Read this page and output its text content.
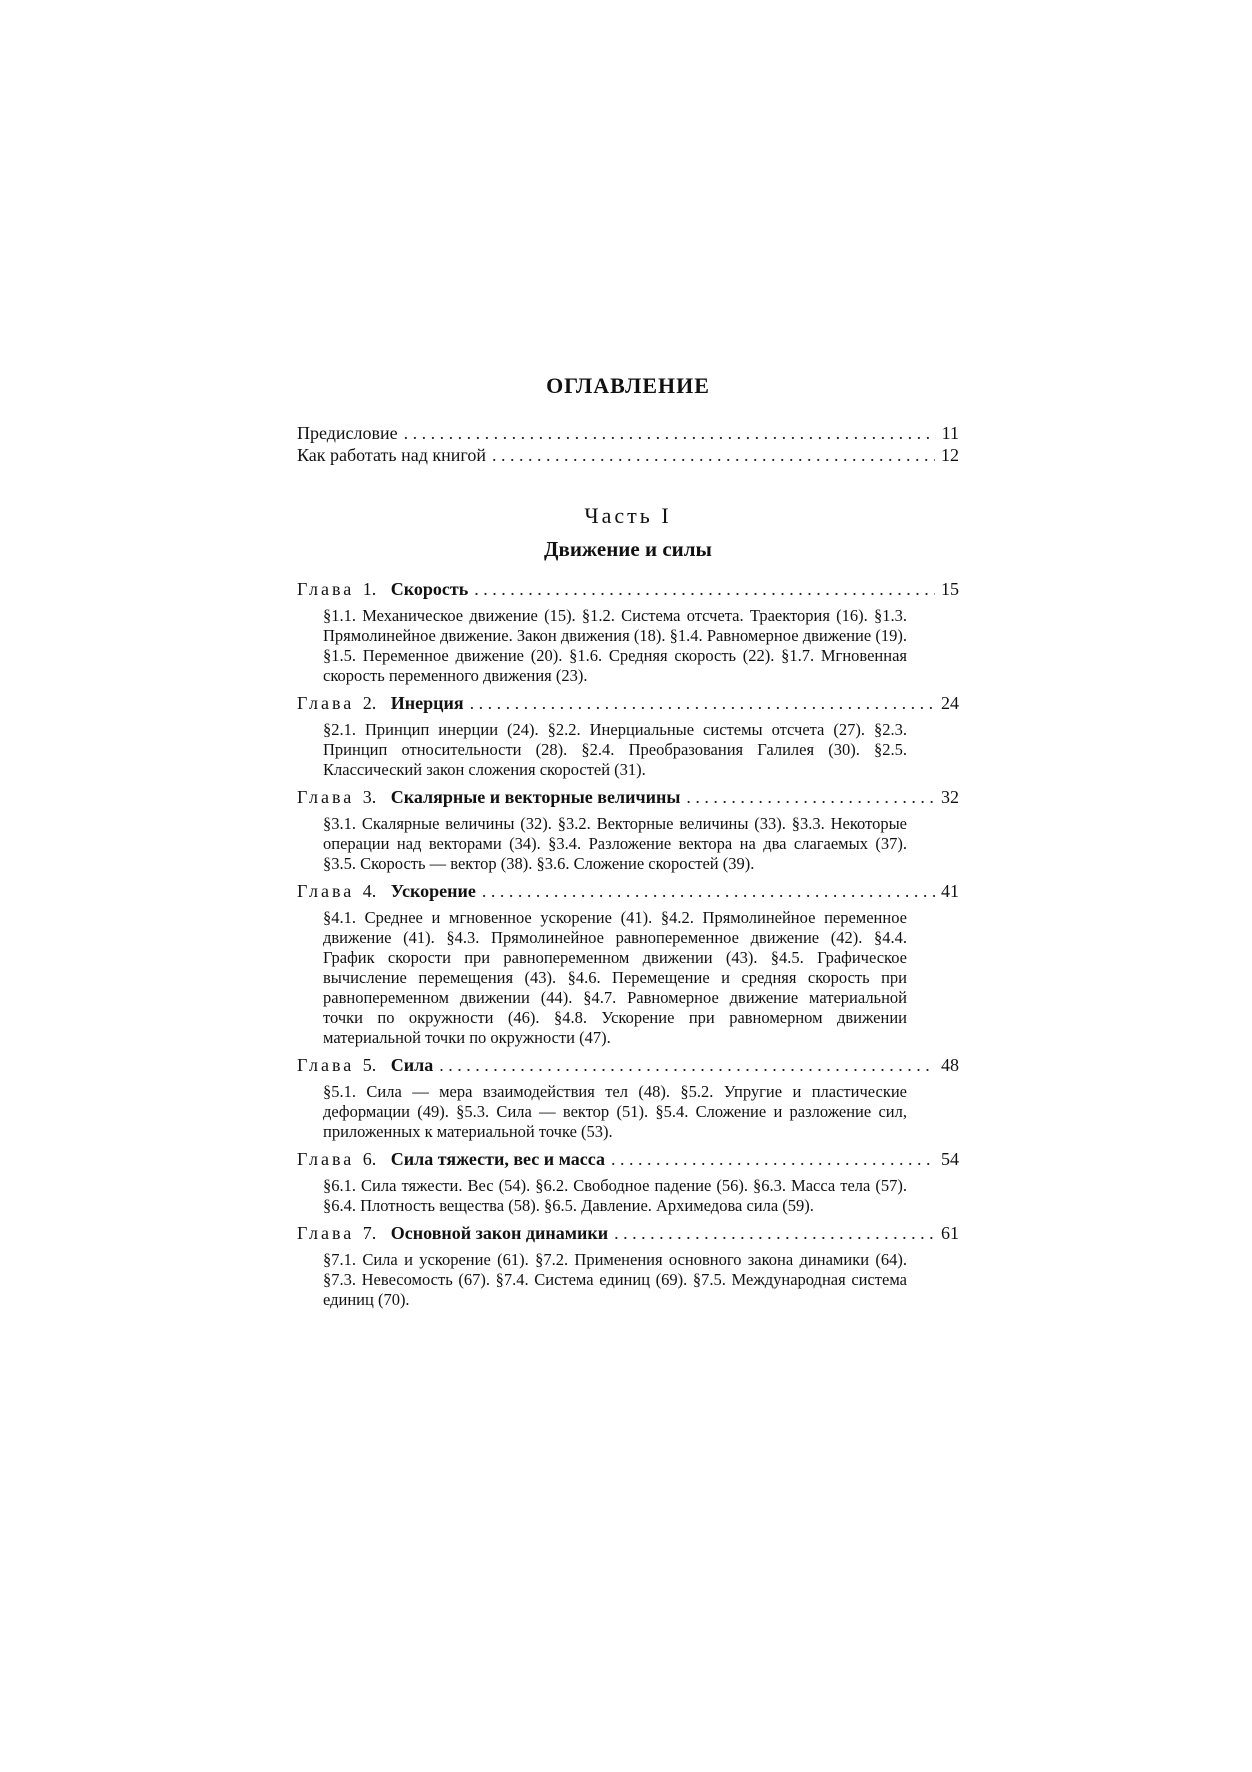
ОГЛАВЛЕНИЕ
Предисловие . . .	11
Как работать над книгой . . .	12
Часть I
Движение и силы
Глава 1. Скорость . . .	15
§1.1. Механическое движение (15). §1.2. Система отсчета. Траектория (16). §1.3. Прямолинейное движение. Закон движения (18). §1.4. Равномерное движение (19). §1.5. Переменное движение (20). §1.6. Средняя скорость (22). §1.7. Мгновенная скорость переменного движения (23).
Глава 2. Инерция . . .	24
§2.1. Принцип инерции (24). §2.2. Инерциальные системы отсчета (27). §2.3. Принцип относительности (28). §2.4. Преобразования Галилея (30). §2.5. Классический закон сложения скоростей (31).
Глава 3. Скалярные и векторные величины . . .	32
§3.1. Скалярные величины (32). §3.2. Векторные величины (33). §3.3. Некоторые операции над векторами (34). §3.4. Разложение вектора на два слагаемых (37). §3.5. Скорость — вектор (38). §3.6. Сложение скоростей (39).
Глава 4. Ускорение . . .	41
§4.1. Среднее и мгновенное ускорение (41). §4.2. Прямолинейное переменное движение (41). §4.3. Прямолинейное равнопеременное движение (42). §4.4. График скорости при равнопеременном движении (43). §4.5. Графическое вычисление перемещения (43). §4.6. Перемещение и средняя скорость при равнопеременном движении (44). §4.7. Равномерное движение материальной точки по окружности (46). §4.8. Ускорение при равномерном движении материальной точки по окружности (47).
Глава 5. Сила . . .	48
§5.1. Сила — мера взаимодействия тел (48). §5.2. Упругие и пластические деформации (49). §5.3. Сила — вектор (51). §5.4. Сложение и разложение сил, приложенных к материальной точке (53).
Глава 6. Сила тяжести, вес и масса . . .	54
§6.1. Сила тяжести. Вес (54). §6.2. Свободное падение (56). §6.3. Масса тела (57). §6.4. Плотность вещества (58). §6.5. Давление. Архимедова сила (59).
Глава 7. Основной закон динамики . . .	61
§7.1. Сила и ускорение (61). §7.2. Применения основного закона динамики (64). §7.3. Невесомость (67). §7.4. Система единиц (69). §7.5. Международная система единиц (70).
